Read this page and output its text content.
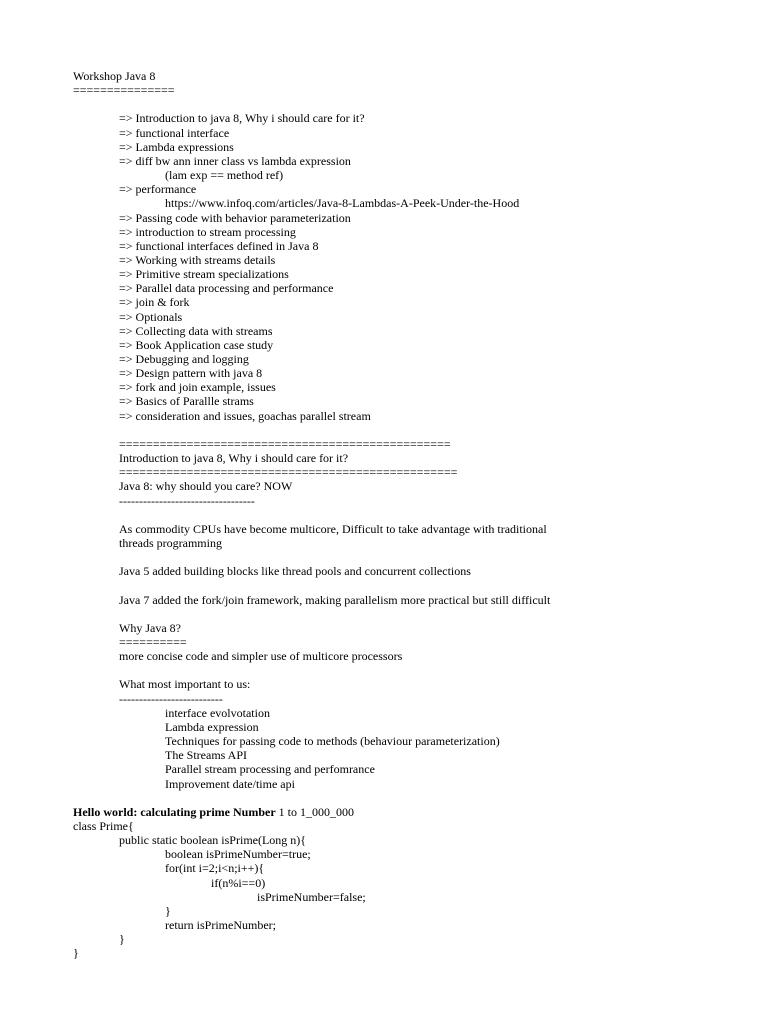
Workshop Java 8
===============
=> Introduction to java 8, Why i should care for it?
=> functional interface
=> Lambda expressions
=> diff bw ann inner class vs lambda expression
(lam exp == method ref)
=> performance
https://www.infoq.com/articles/Java-8-Lambdas-A-Peek-Under-the-Hood
=> Passing code with behavior parameterization
=> introduction to stream processing
=> functional interfaces defined in Java 8
=> Working with streams details
=> Primitive stream specializations
=> Parallel data processing and performance
=> join & fork
=> Optionals
=> Collecting data with streams
=> Book Application case study
=> Debugging and logging
=> Design pattern with java 8
=> fork and join example, issues
=> Basics of Parallle strams
=> consideration and issues, goachas parallel stream
=================================================
Introduction to java 8, Why i should care for it?
==================================================
Java 8: why should you care? NOW
----------------------------------
As commodity CPUs have become multicore, Difficult to take advantage with traditional
threads programming
Java 5 added building blocks like thread pools and concurrent collections
Java 7 added the fork/join framework, making parallelism more practical but still difficult
Why Java 8?
==========
more concise code and simpler use of multicore processors
What most important to us:
--------------------------
interface evolvotation
Lambda expression
Techniques for passing code to methods (behaviour parameterization)
The Streams API
Parallel stream processing and perfomrance
Improvement date/time api
Hello world: calculating prime Number 1 to 1_000_000
class Prime{
public static boolean isPrime(Long n){
boolean isPrimeNumber=true;
for(int i=2;i<n;i++){
if(n%i==0)
isPrimeNumber=false;
}
return isPrimeNumber;
}
}
